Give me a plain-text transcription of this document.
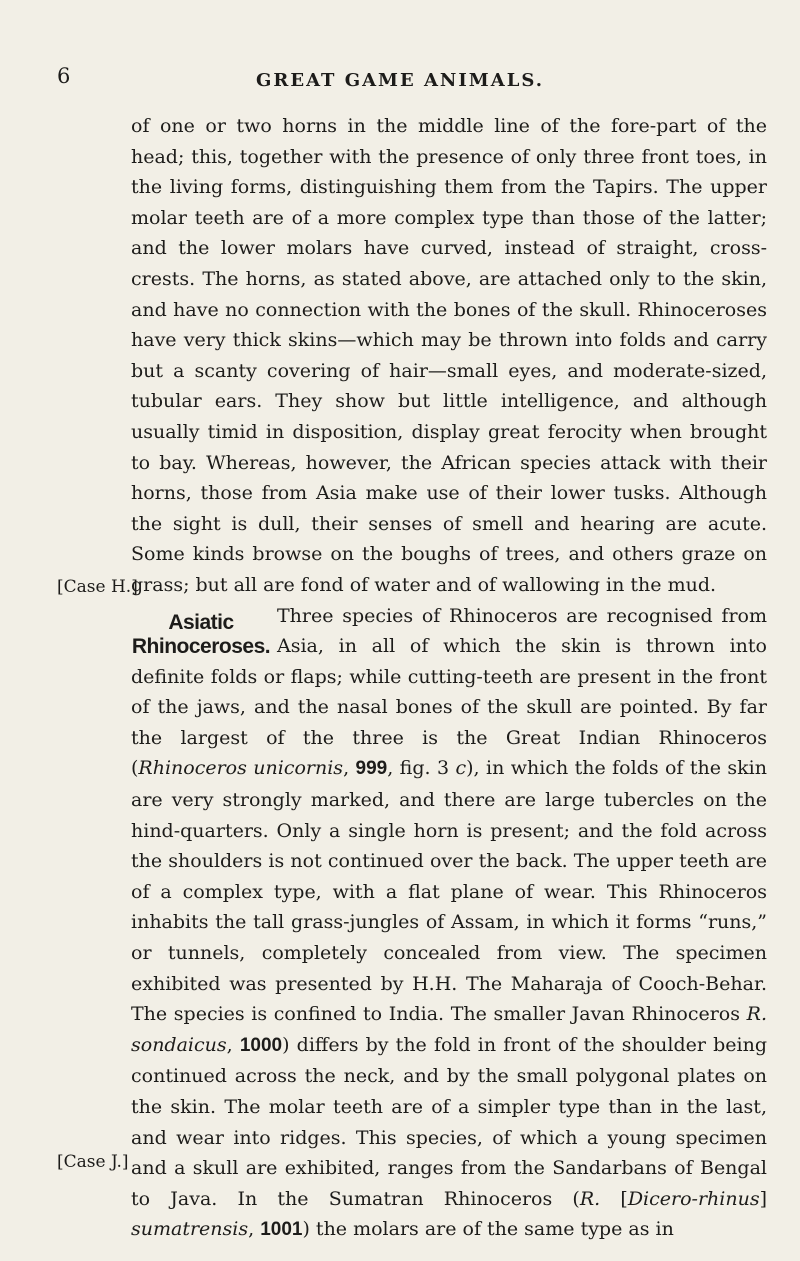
6	GREAT GAME ANIMALS.
[Case H.]
[Case J.]

of one or two horns in the middle line of the fore-part of the head; this, together with the presence of only three front toes, in the living forms, distinguishing them from the Tapirs. The upper molar teeth are of a more complex type than those of the latter; and the lower molars have curved, instead of straight, cross-crests. The horns, as stated above, are attached only to the skin, and have no connection with the bones of the skull. Rhinoceroses have very thick skins—which may be thrown into folds and carry but a scanty covering of hair—small eyes, and moderate-sized, tubular ears. They show but little intelligence, and although usually timid in disposition, display great ferocity when brought to bay. Whereas, however, the African species attack with their horns, those from Asia make use of their lower tusks. Although the sight is dull, their senses of smell and hearing are acute. Some kinds browse on the boughs of trees, and others graze on grass; but all are fond of water and of wallowing in the mud.

Asiatic
Rhinoceroses.
Three species of Rhinoceros are recognised from Asia, in all of which the skin is thrown into definite folds or flaps; while cutting-teeth are present in the front of the jaws, and the nasal bones of the skull are pointed. By far the largest of the three is the Great Indian Rhinoceros (Rhinoceros unicornis, 999, fig. 3 c), in which the folds of the skin are very strongly marked, and there are large tubercles on the hind-quarters. Only a single horn is present; and the fold across the shoulders is not continued over the back. The upper teeth are of a complex type, with a flat plane of wear. This Rhinoceros inhabits the tall grass-jungles of Assam, in which it forms “runs,” or tunnels, completely concealed from view. The specimen exhibited was presented by H.H. The Maharaja of Cooch-Behar. The species is confined to India. The smaller Javan Rhinoceros R. sondaicus, 1000) differs by the fold in front of the shoulder being continued across the neck, and by the small polygonal plates on the skin. The molar teeth are of a simpler type than in the last, and wear into ridges. This species, of which a young specimen and a skull are exhibited, ranges from the Sandarbans of Bengal to Java. In the Sumatran Rhinoceros (R. [Dicero-rhinus] sumatrensis, 1001) the molars are of the same type as in
